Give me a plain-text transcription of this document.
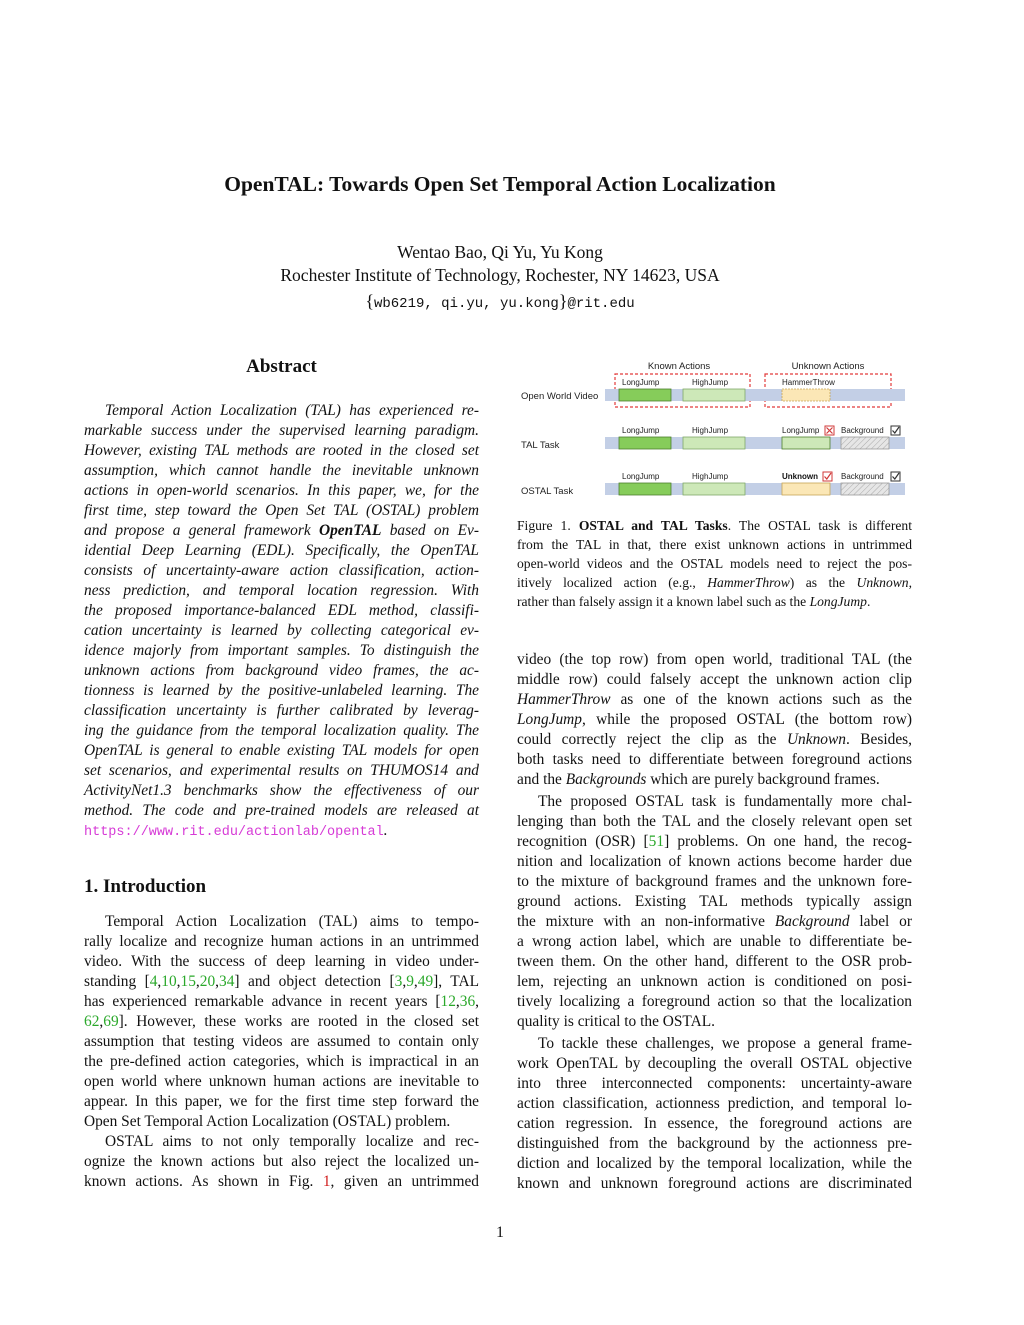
OpenTAL: Towards Open Set Temporal Action Localization
Wentao Bao, Qi Yu, Yu Kong
Rochester Institute of Technology, Rochester, NY 14623, USA
{wb6219, qi.yu, yu.kong}@rit.edu
Abstract
Temporal Action Localization (TAL) has experienced re-
markable success under the supervised learning paradigm.
However, existing TAL methods are rooted in the closed set
assumption, which cannot handle the inevitable unknown
actions in open-world scenarios. In this paper, we, for the
first time, step toward the Open Set TAL (OSTAL) problem
and propose a general framework OpenTAL based on Ev-
idential Deep Learning (EDL). Specifically, the OpenTAL
consists of uncertainty-aware action classification, action-
ness prediction, and temporal location regression. With
the proposed importance-balanced EDL method, classifi-
cation uncertainty is learned by collecting categorical ev-
idence majorly from important samples. To distinguish the
unknown actions from background video frames, the ac-
tionness is learned by the positive-unlabeled learning. The
classification uncertainty is further calibrated by leverag-
ing the guidance from the temporal localization quality. The
OpenTAL is general to enable existing TAL models for open
set scenarios, and experimental results on THUMOS14 and
ActivityNet1.3 benchmarks show the effectiveness of our
method. The code and pre-trained models are released at
https://www.rit.edu/actionlab/opental.
1. Introduction
Temporal Action Localization (TAL) aims to tempo-
rally localize and recognize human actions in an untrimmed
video. With the success of deep learning in video under-
standing [4,10,15,20,34] and object detection [3,9,49], TAL
has experienced remarkable advance in recent years [12,36,
62,69]. However, these works are rooted in the closed set
assumption that testing videos are assumed to contain only
the pre-defined action categories, which is impractical in an
open world where unknown human actions are inevitable to
appear. In this paper, we for the first time step forward the
Open Set Temporal Action Localization (OSTAL) problem.
OSTAL aims to not only temporally localize and rec-
ognize the known actions but also reject the localized un-
known actions. As shown in Fig. 1, given an untrimmed
Known Actions	Unknown Actions
Open World Video
LongJump	HighJump	HammerThrow
TAL Task
LongJump	HighJump	LongJump	Background
OSTAL Task
LongJump	HighJump	Unknown	Background
Figure 1. OSTAL and TAL Tasks. The OSTAL task is different
from the TAL in that, there exist unknown actions in untrimmed
open-world videos and the OSTAL models need to reject the pos-
itively localized action (e.g., HammerThrow) as the Unknown,
rather than falsely assign it a known label such as the LongJump.
video (the top row) from open world, traditional TAL (the
middle row) could falsely accept the unknown action clip
HammerThrow as one of the known actions such as the
LongJump, while the proposed OSTAL (the bottom row)
could correctly reject the clip as the Unknown. Besides,
both tasks need to differentiate between foreground actions
and the Backgrounds which are purely background frames.
The proposed OSTAL task is fundamentally more chal-
lenging than both the TAL and the closely relevant open set
recognition (OSR) [51] problems. On one hand, the recog-
nition and localization of known actions become harder due
to the mixture of background frames and the unknown fore-
ground actions. Existing TAL methods typically assign
the mixture with an non-informative Background label or
a wrong action label, which are unable to differentiate be-
tween them. On the other hand, different to the OSR prob-
lem, rejecting an unknown action is conditioned on posi-
tively localizing a foreground action so that the localization
quality is critical to the OSTAL.
To tackle these challenges, we propose a general frame-
work OpenTAL by decoupling the overall OSTAL objective
into three interconnected components: uncertainty-aware
action classification, actionness prediction, and temporal lo-
cation regression. In essence, the foreground actions are
distinguished from the background by the actionness pre-
diction and localized by the temporal localization, while the
known and unknown foreground actions are discriminated
1
